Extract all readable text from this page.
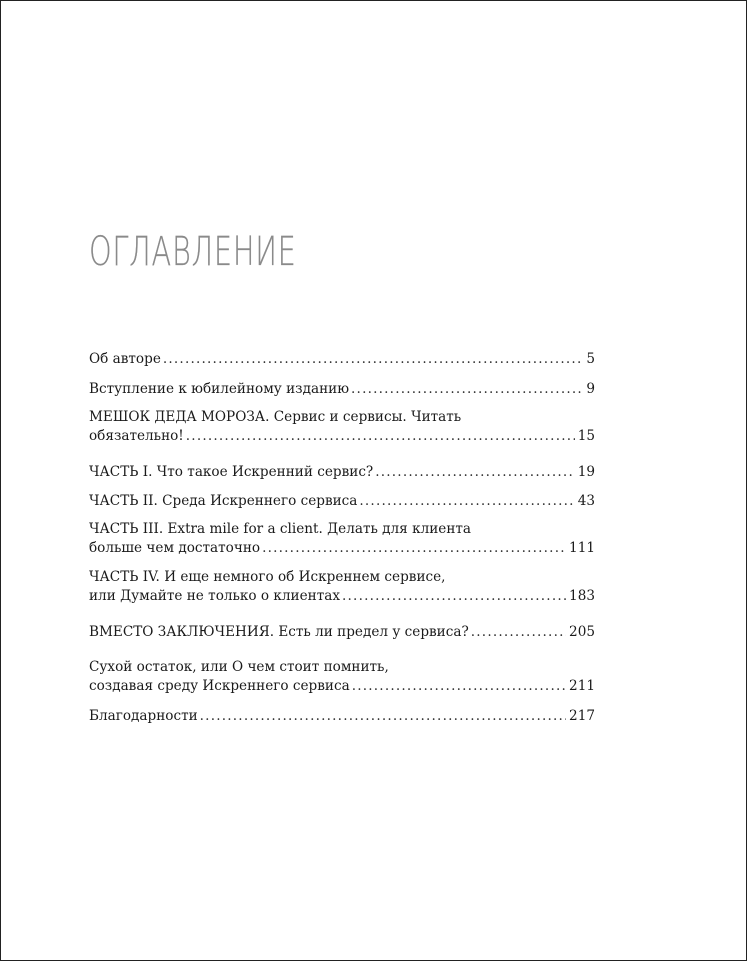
ОГЛАВЛЕНИЕ
Об авторе .....	5
Вступление к юбилейному изданию .....	9
МЕШОК ДЕДА МОРОЗА. Сервис и сервисы. Читать
обязательно! .....	15
ЧАСТЬ I. Что такое Искренний сервис? .....	19
ЧАСТЬ II. Среда Искреннего сервиса .....	43
ЧАСТЬ III. Extra mile for a client. Делать для клиента
больше чем достаточно .....	111
ЧАСТЬ IV. И еще немного об Искреннем сервисе,
или Думайте не только о клиентах .....	183
ВМЕСТО ЗАКЛЮЧЕНИЯ. Есть ли предел у сервиса? .....	205
Сухой остаток, или О чем стоит помнить,
создавая среду Искреннего сервиса .....	211
Благодарности .....	217
